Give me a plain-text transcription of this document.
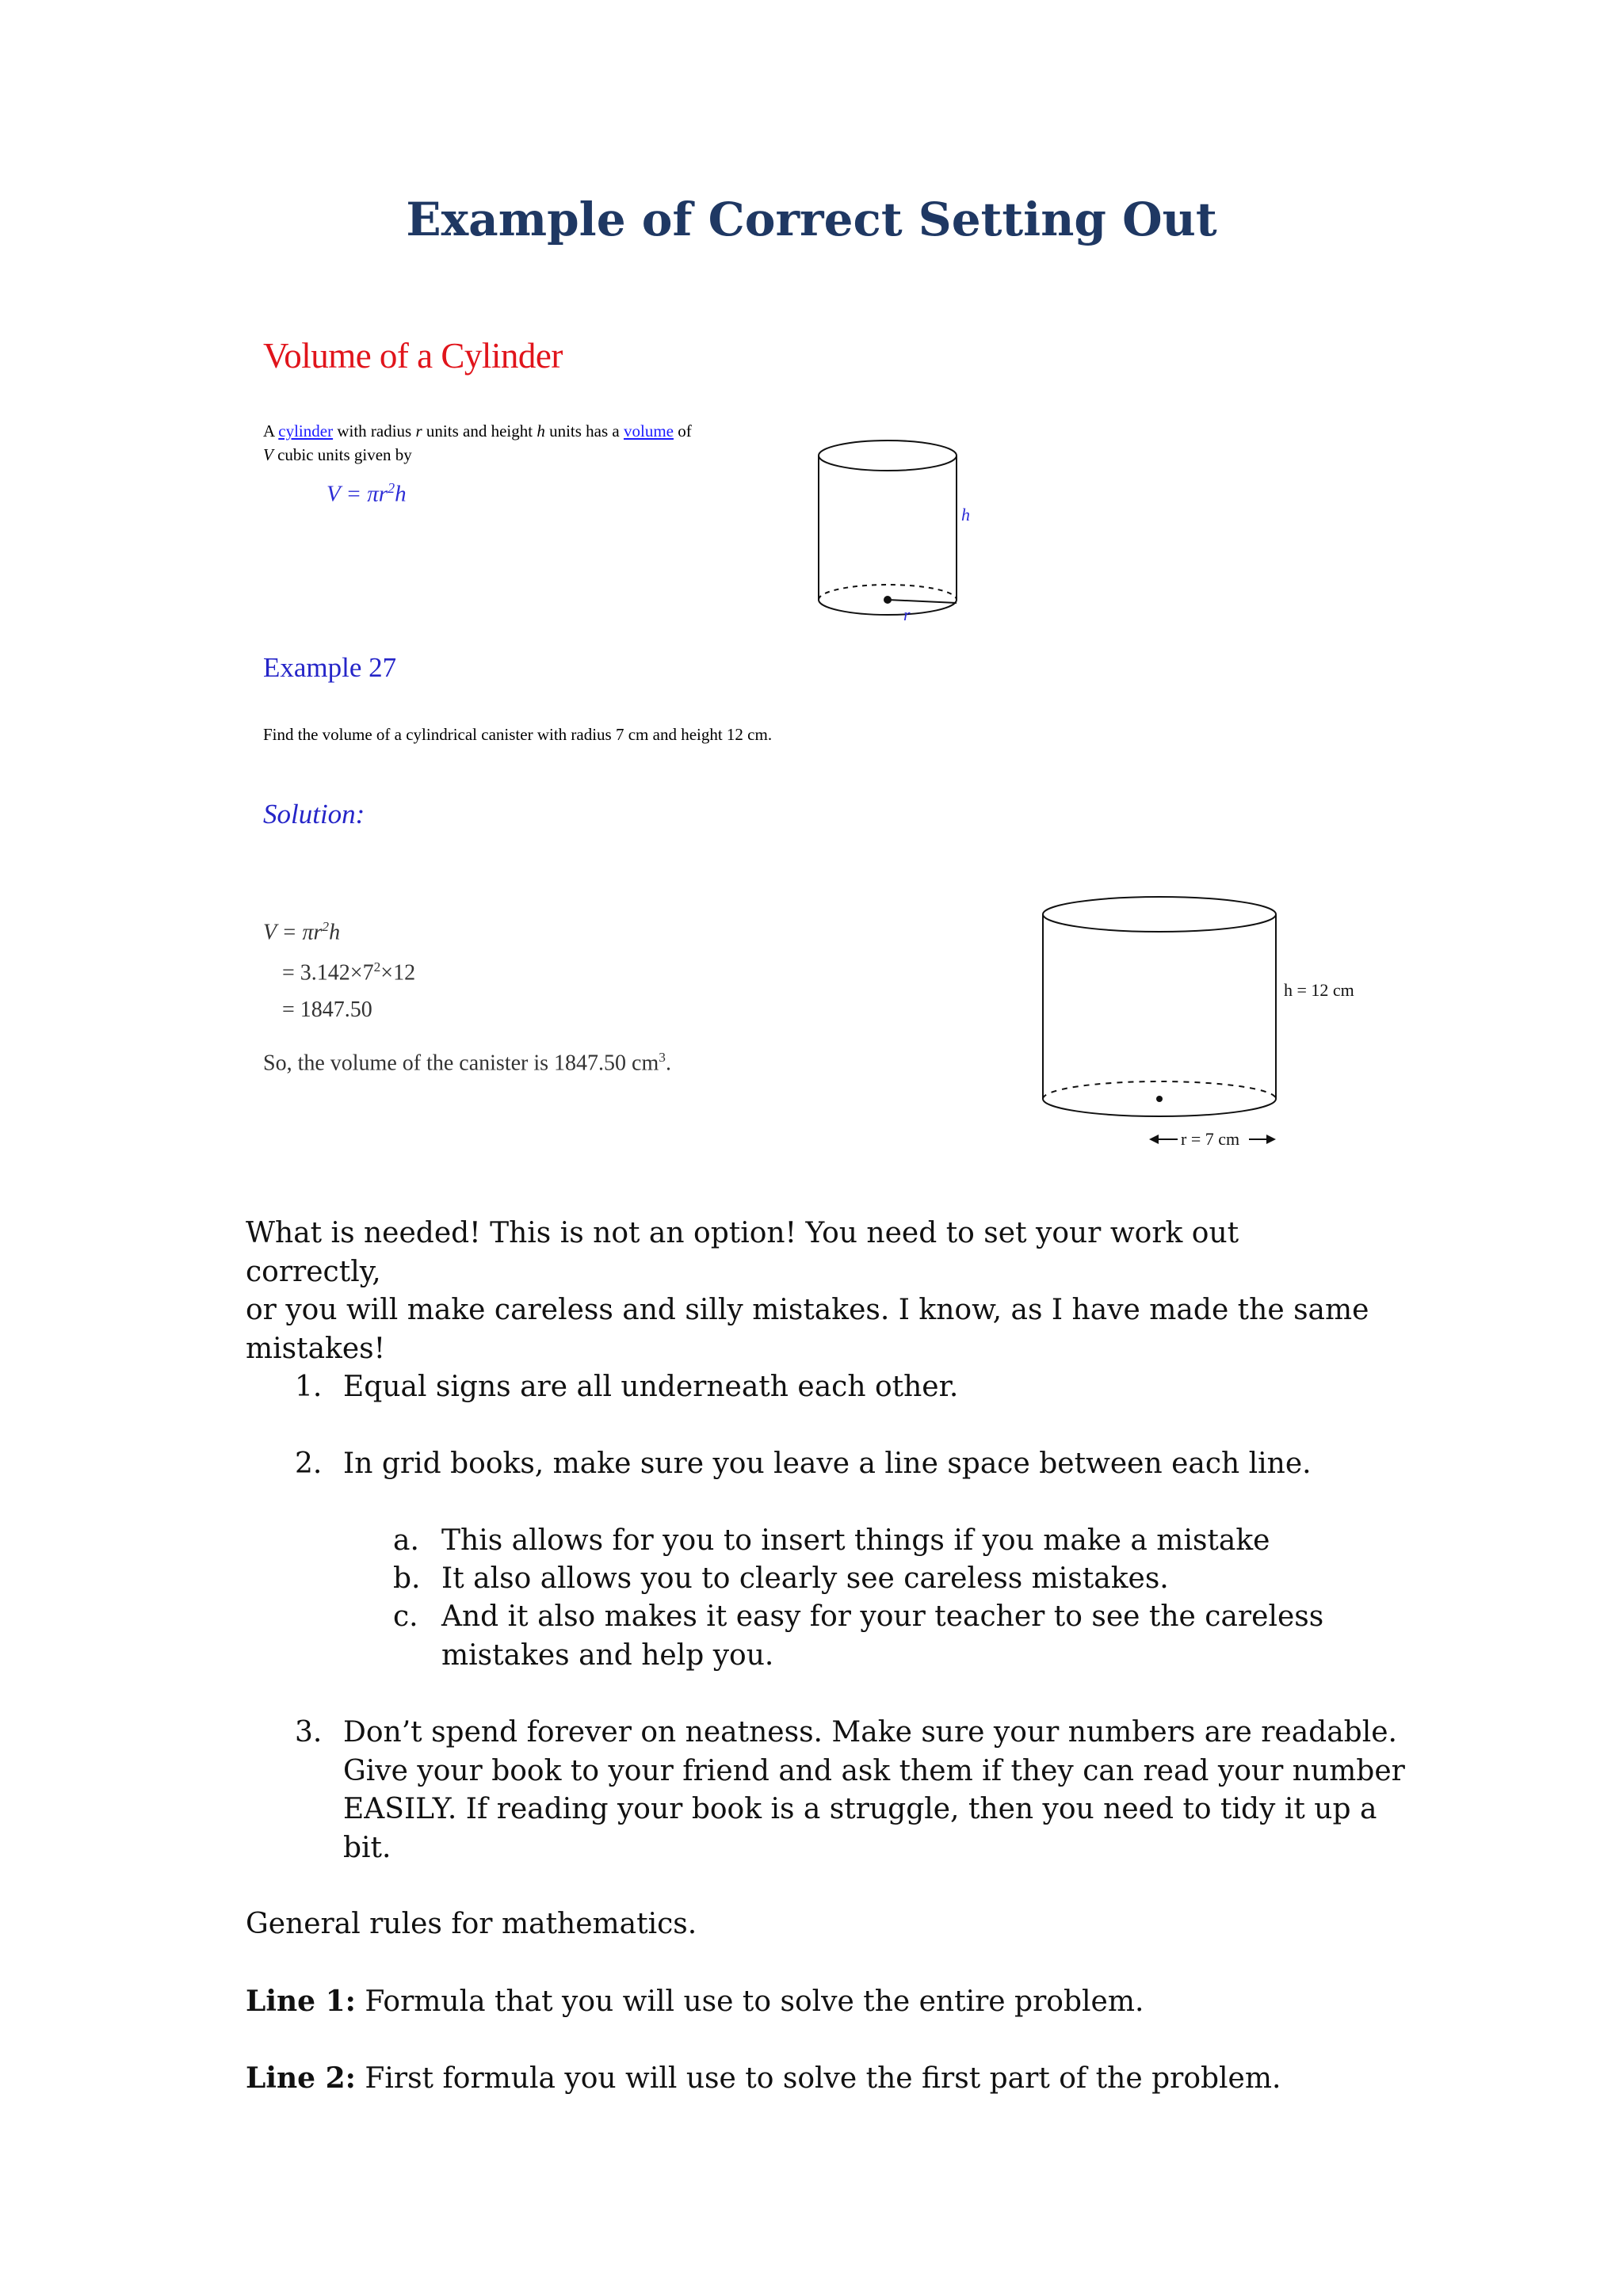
Example of Correct Setting Out
Volume of a Cylinder
A cylinder with radius r units and height h units has a volume of
V cubic units given by
$V = \pi r^2h$
h
r
Example 27
Find the volume of a cylindrical canister with radius 7 cm and height 12 cm.
Solution:
$V = \pi r^2h$
= $3.142\times 7^2\times 12$
= 1847.50
So, the volume of the canister is 1847.50 $cm^3$.
h = 12 cm
r = 7 cm
What is needed! This is not an option! You need to set your work out correctly,
or you will make careless and silly mistakes. I know, as I have made the same
mistakes!
1. Equal signs are all underneath each other.
2. In grid books, make sure you leave a line space between each line.
a. This allows for you to insert things if you make a mistake
b. It also allows you to clearly see careless mistakes.
c. And it also makes it easy for your teacher to see the careless
mistakes and help you.
3. Don’t spend forever on neatness. Make sure your numbers are readable.
Give your book to your friend and ask them if they can read your number
EASILY. If reading your book is a struggle, then you need to tidy it up a
bit.
General rules for mathematics.
Line 1: Formula that you will use to solve the entire problem.
Line 2: First formula you will use to solve the first part of the problem.
